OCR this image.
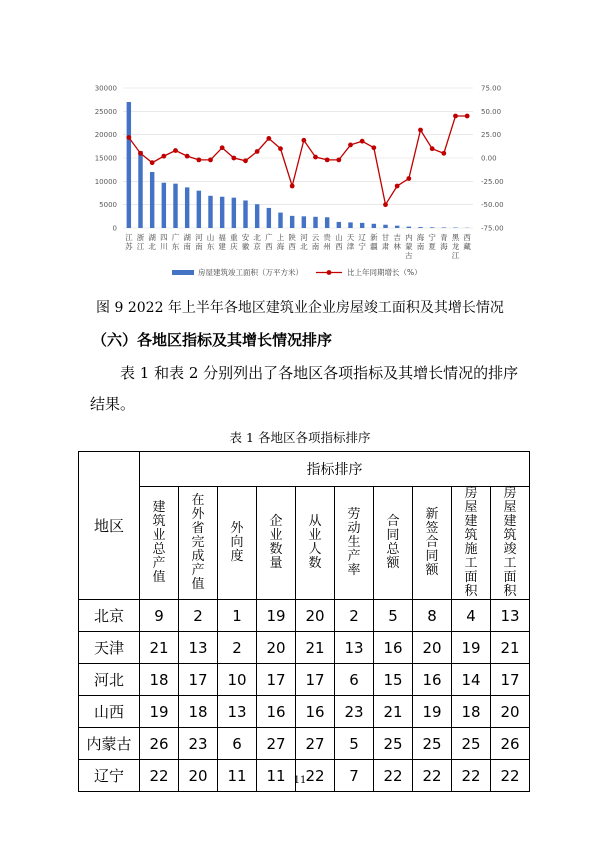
0
5000
10000
15000
20000
25000
30000
-75.00
-50.00
-25.00
0.00
25.00
50.00
75.00
江
苏
浙
江
湖
北
四
川
广
东
湖
南
河
南
山
东
福
建
重
庆
安
徽
北
京
广
西
上
海
陕
西
河
北
云
南
贵
州
山
西
天
津
辽
宁
新
疆
甘
肃
吉
林
内
蒙
古
海
南
宁
夏
青
海
黑
龙
江
西
藏
房屋建筑竣工面积（万平方米）	比上年同期增长（%）
图 9 2022 年上半年各地区建筑业企业房屋竣工面积及其增长情况
（六）各地区指标及其增长情况排序
表 1 和表 2 分别列出了各地区各项指标及其增长情况的排序结果。
表 1 各地区各项指标排序
地区	指标排序									
	建筑业总产值	在外省完成产值	外向度	企业数量	从业人数	劳动生产率	合同总额	新签合同额	房屋建筑施工面积	房屋建筑竣工面积
北京	9	2	1	19	20	2	5	8	4	13
天津	21	13	2	20	21	13	16	20	19	21
河北	18	17	10	17	17	6	15	16	14	17
山西	19	18	13	16	16	23	21	19	18	20
内蒙古	26	23	6	27	27	5	25	25	25	26
辽宁	22	20	11	11	22	7	22	22	22	22
11
